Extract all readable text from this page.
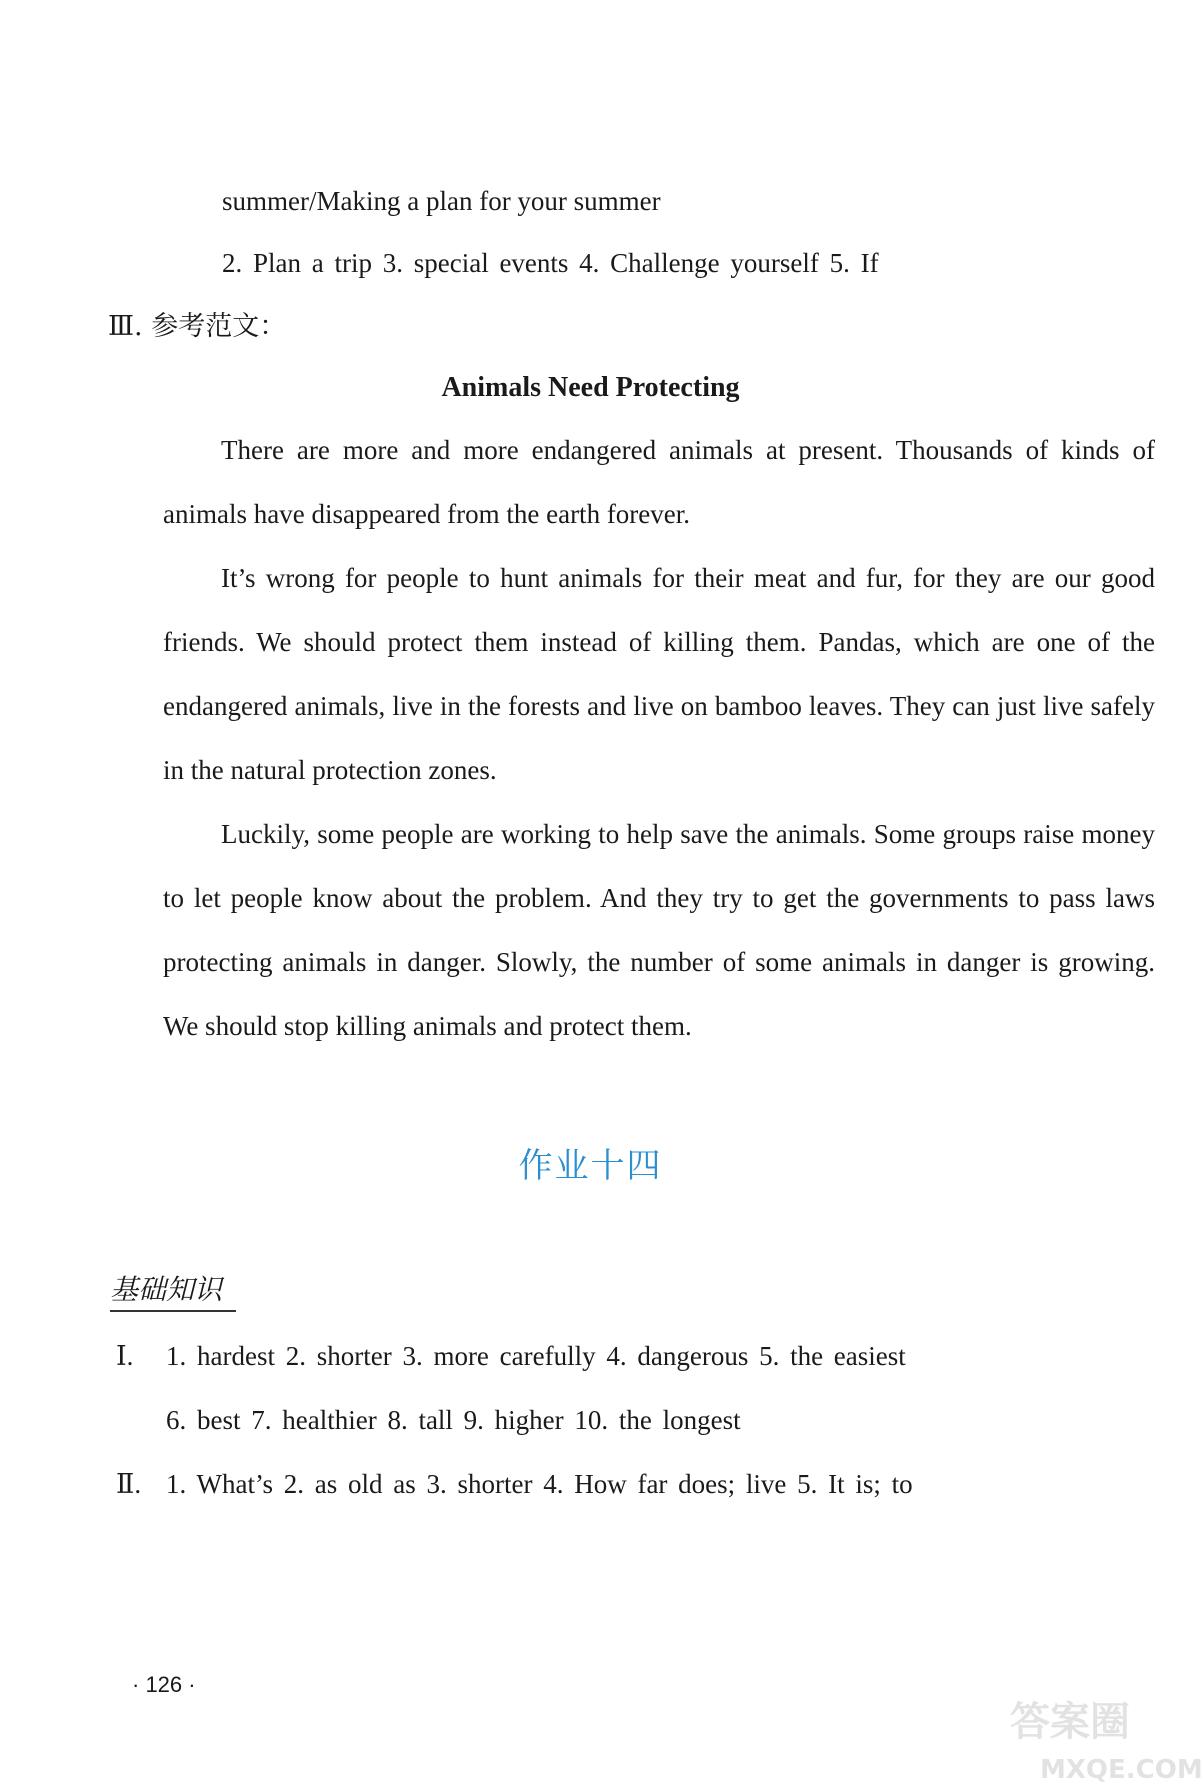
summer/Making a plan for your summer
2. Plan a trip 3. special events 4. Challenge yourself 5. If
Ⅲ. 参考范文：
Animals Need Protecting
There are more and more endangered animals at present. Thousands of kinds of animals have disappeared from the earth forever.
It’s wrong for people to hunt animals for their meat and fur, for they are our good friends. We should protect them instead of killing them. Pandas, which are one of the endangered animals, live in the forests and live on bamboo leaves. They can just live safely in the natural protection zones.
Luckily, some people are working to help save the animals. Some groups raise money to let people know about the problem. And they try to get the governments to pass laws protecting animals in danger. Slowly, the number of some animals in danger is growing. We should stop killing animals and protect them.
作业十四
基础知识
Ⅰ. 1. hardest 2. shorter 3. more carefully 4. dangerous 5. the easiest
6. best 7. healthier 8. tall 9. higher 10. the longest
Ⅱ. 1. What’s 2. as old as 3. shorter 4. How far does; live 5. It is; to
· 126 ·
答案圈
MXQE.COM
